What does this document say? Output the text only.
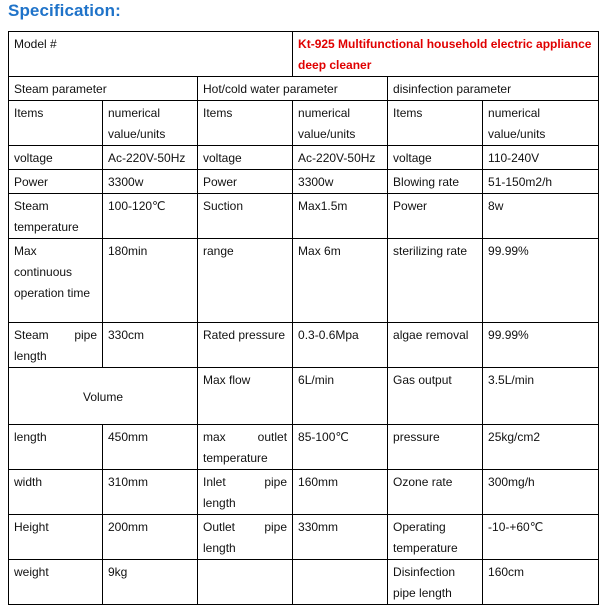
Specification:
Model #			Kt-925 Multifunctional household electric appliance deep cleaner		
Steam parameter		Hot/cold water parameter		disinfection parameter	
Items	numerical value/units	Items	numerical value/units	Items	numerical value/units
voltage	Ac-220V-50Hz	voltage	Ac-220V-50Hz	voltage	110-240V
Power	3300w	Power	3300w	Blowing rate	51-150m2/h
Steam temperature	100-120℃	Suction	Max1.5m	Power	8w
Max continuous operation time	180min	range	Max 6m	sterilizing rate	99.99%
Steam pipe length	330cm	Rated pressure	0.3-0.6Mpa	algae removal	99.99%
Volume		Max flow	6L/min	Gas output	3.5L/min
length	450mm	max outlet temperature	85-100℃	pressure	25kg/cm2
width	310mm	Inlet pipe length	160mm	Ozone rate	300mg/h
Height	200mm	Outlet pipe length	330mm	Operating temperature	-10-+60℃
weight	9kg			Disinfection pipe length	160cm
